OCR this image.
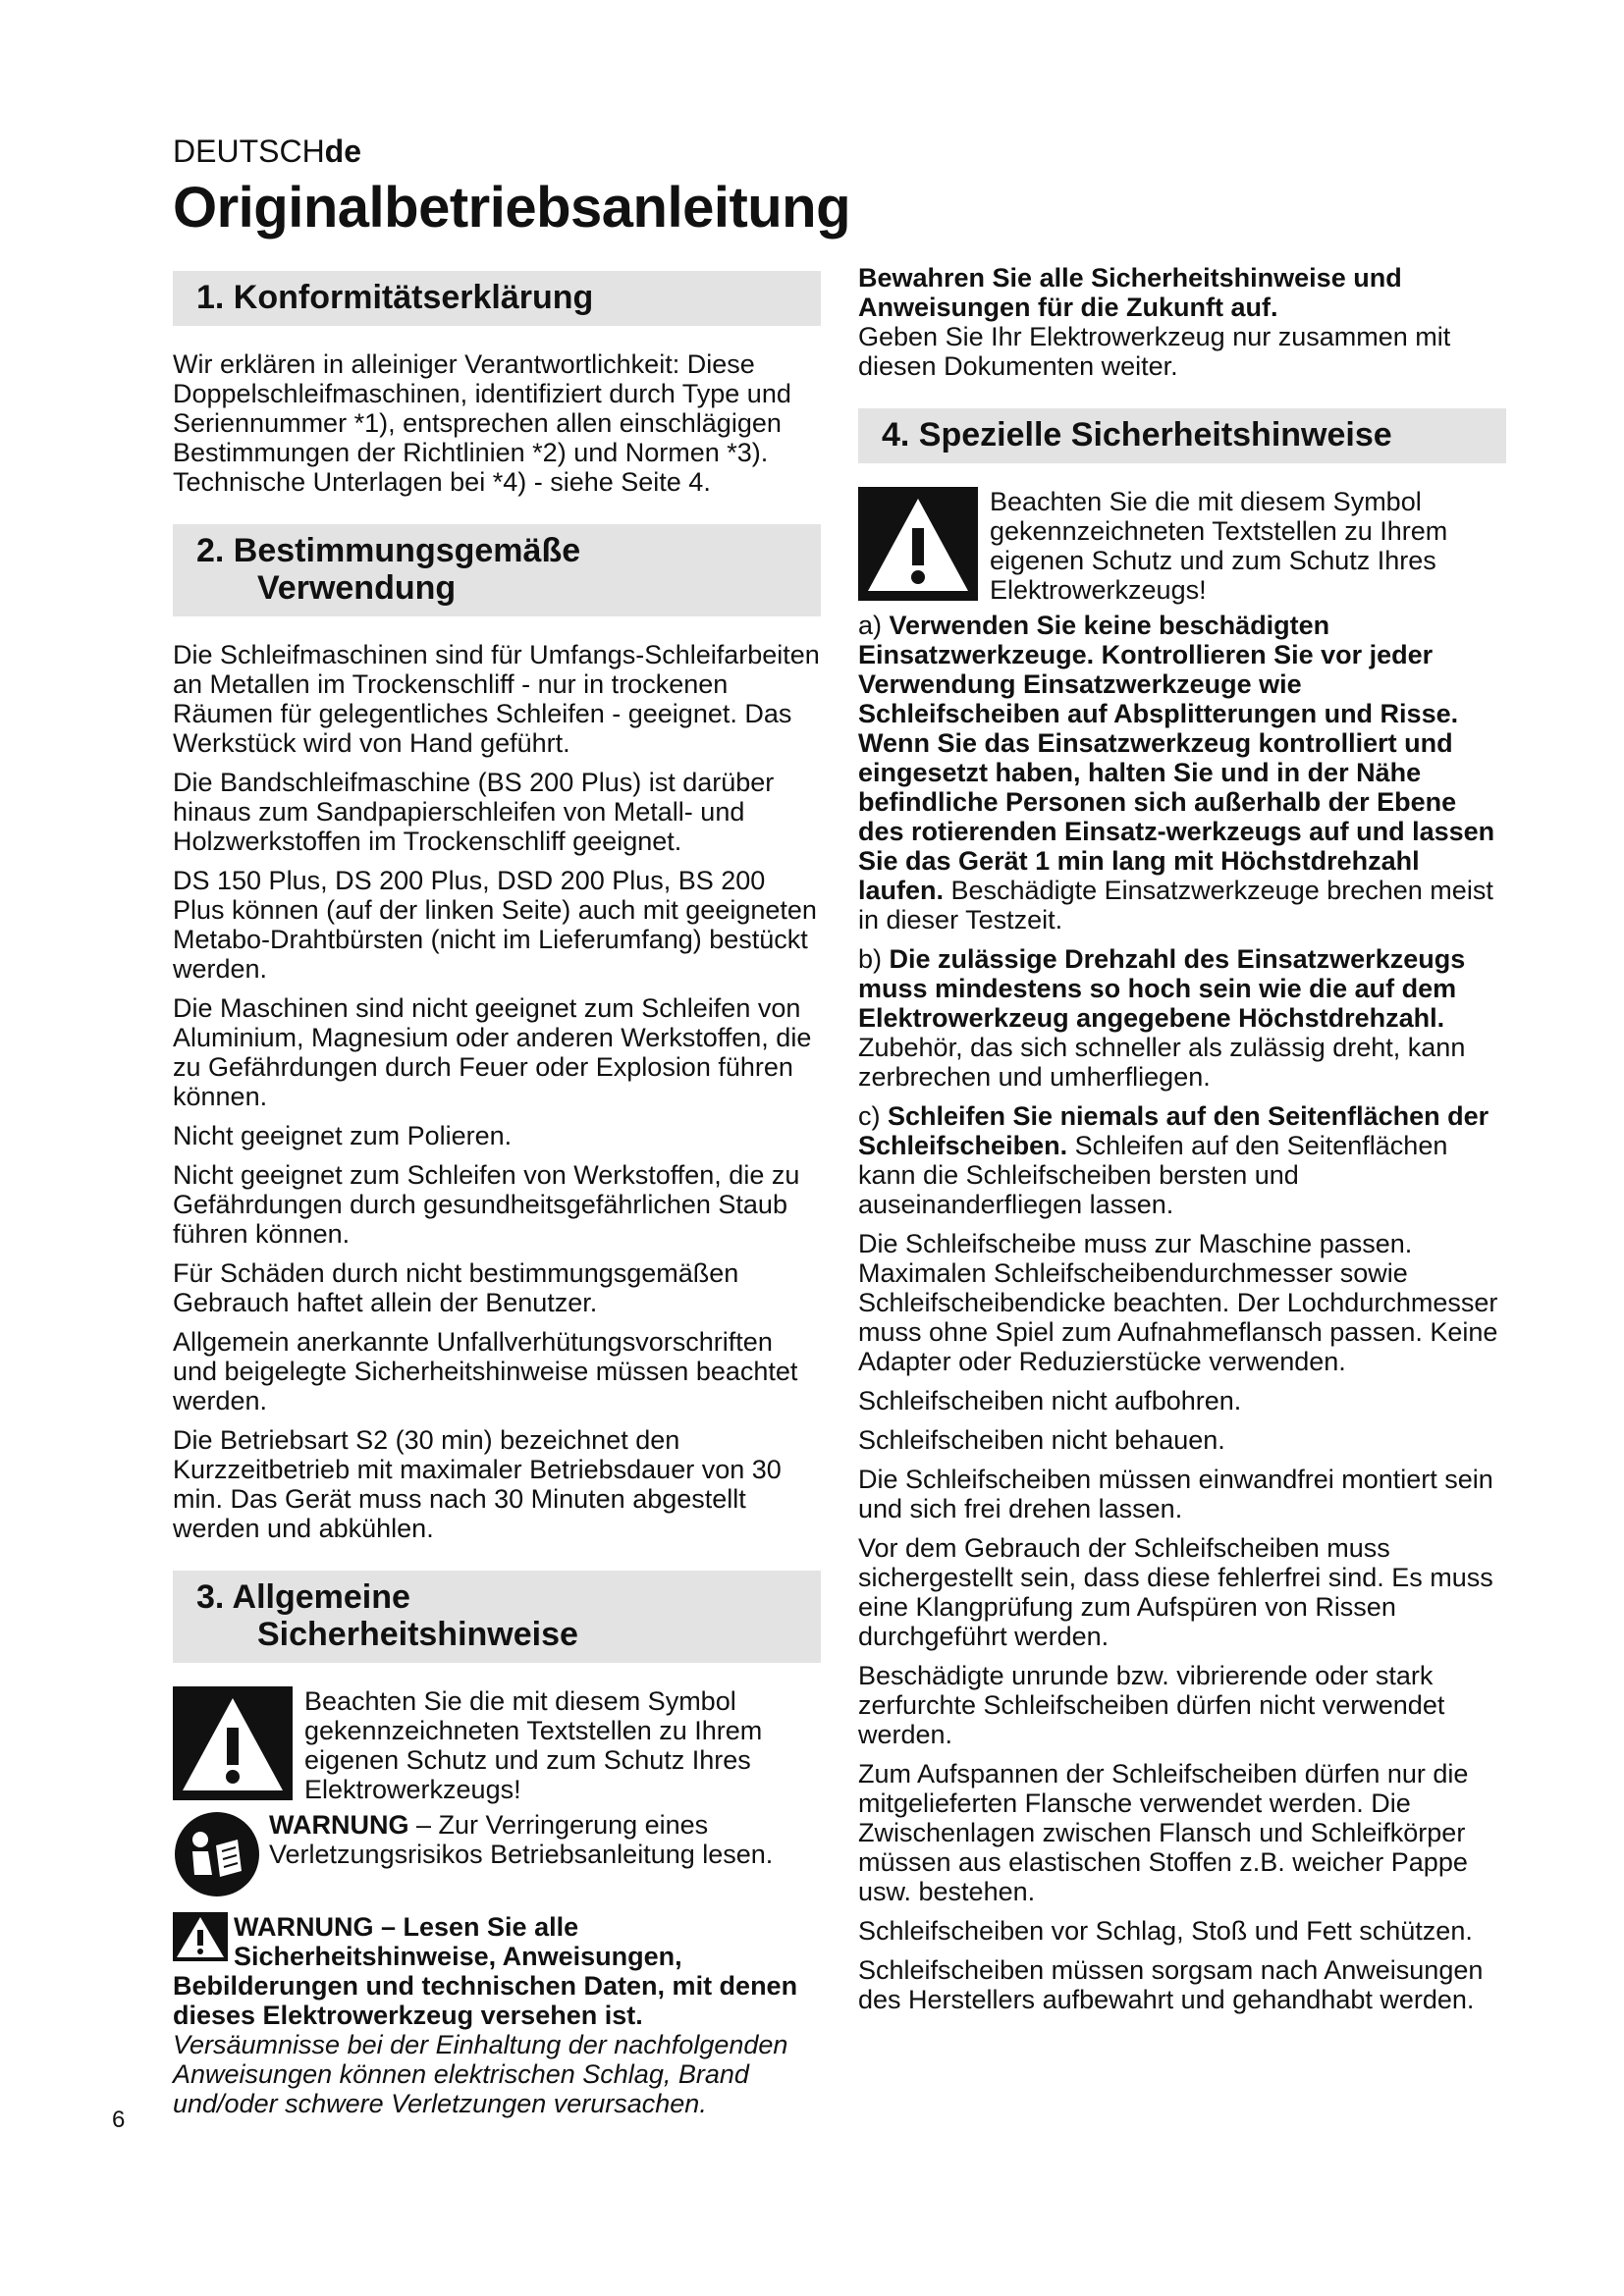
DEUTSCHde
Originalbetriebsanleitung
1. Konformitätserklärung

Wir erklären in alleiniger Verantwortlichkeit: Diese Doppelschleifmaschinen, identifiziert durch Type und Seriennummer *1), entsprechen allen einschlägigen Bestimmungen der Richtlinien *2) und Normen *3). Technische Unterlagen bei *4) - siehe Seite 4.

2. Bestimmungsgemäße
Verwendung

Die Schleifmaschinen sind für Umfangs-Schleifarbeiten an Metallen im Trockenschliff - nur in trockenen Räumen für gelegentliches Schleifen - geeignet. Das Werkstück wird von Hand geführt.

Die Bandschleifmaschine (BS 200 Plus) ist darüber hinaus zum Sandpapierschleifen von Metall- und Holzwerkstoffen im Trockenschliff geeignet.

DS 150 Plus, DS 200 Plus, DSD 200 Plus, BS 200 Plus können (auf der linken Seite) auch mit geeigneten Metabo-Drahtbürsten (nicht im Lieferumfang) bestückt werden.

Die Maschinen sind nicht geeignet zum Schleifen von Aluminium, Magnesium oder anderen Werkstoffen, die zu Gefährdungen durch Feuer oder Explosion führen können.

Nicht geeignet zum Polieren.

Nicht geeignet zum Schleifen von Werkstoffen, die zu Gefährdungen durch gesundheitsgefährlichen Staub führen können.

Für Schäden durch nicht bestimmungsgemäßen Gebrauch haftet allein der Benutzer.

Allgemein anerkannte Unfallverhütungsvorschriften und beigelegte Sicherheitshinweise müssen beachtet werden.

Die Betriebsart S2 (30 min) bezeichnet den Kurzzeitbetrieb mit maximaler Betriebsdauer von 30 min. Das Gerät muss nach 30 Minuten abgestellt werden und abkühlen.

3. Allgemeine
Sicherheitshinweise
Beachten Sie die mit diesem Symbol gekennzeichneten Textstellen zu Ihrem eigenen Schutz und zum Schutz Ihres Elektrowerkzeugs!
WARNUNG – Zur Verringerung eines Verletzungsrisikos Betriebsanleitung lesen.

WARNUNG – Lesen Sie alle Sicherheitshinweise, Anweisungen, Bebilderungen und technischen Daten, mit denen dieses Elektrowerkzeug versehen ist.
Versäumnisse bei der Einhaltung der nachfolgenden Anweisungen können elektrischen Schlag, Brand und/oder schwere Verletzungen verursachen.

Bewahren Sie alle Sicherheitshinweise und Anweisungen für die Zukunft auf.

Geben Sie Ihr Elektrowerkzeug nur zusammen mit diesen Dokumenten weiter.

4. Spezielle Sicherheitshinweise
Beachten Sie die mit diesem Symbol gekennzeichneten Textstellen zu Ihrem eigenen Schutz und zum Schutz Ihres Elektrowerkzeugs!

a) Verwenden Sie keine beschädigten Einsatzwerkzeuge. Kontrollieren Sie vor jeder Verwendung Einsatzwerkzeuge wie Schleifscheiben auf Absplitterungen und Risse. Wenn Sie das Einsatzwerkzeug kontrolliert und eingesetzt haben, halten Sie und in der Nähe befindliche Personen sich außerhalb der Ebene des rotierenden Einsatz-werkzeugs auf und lassen Sie das Gerät 1 min lang mit Höchstdrehzahl laufen. Beschädigte Einsatzwerkzeuge brechen meist in dieser Testzeit.

b) Die zulässige Drehzahl des Einsatzwerkzeugs muss mindestens so hoch sein wie die auf dem Elektrowerkzeug angegebene Höchstdrehzahl. Zubehör, das sich schneller als zulässig dreht, kann zerbrechen und umherfliegen.

c) Schleifen Sie niemals auf den Seitenflächen der Schleifscheiben. Schleifen auf den Seitenflächen kann die Schleifscheiben bersten und auseinanderfliegen lassen.

Die Schleifscheibe muss zur Maschine passen. Maximalen Schleifscheibendurchmesser sowie Schleifscheibendicke beachten. Der Lochdurchmesser muss ohne Spiel zum Aufnahmeflansch passen. Keine Adapter oder Reduzierstücke verwenden.

Schleifscheiben nicht aufbohren.

Schleifscheiben nicht behauen.

Die Schleifscheiben müssen einwandfrei montiert sein und sich frei drehen lassen.

Vor dem Gebrauch der Schleifscheiben muss sichergestellt sein, dass diese fehlerfrei sind. Es muss eine Klangprüfung zum Aufspüren von Rissen durchgeführt werden.

Beschädigte unrunde bzw. vibrierende oder stark zerfurchte Schleifscheiben dürfen nicht verwendet werden.

Zum Aufspannen der Schleifscheiben dürfen nur die mitgelieferten Flansche verwendet werden. Die Zwischenlagen zwischen Flansch und Schleifkörper müssen aus elastischen Stoffen z.B. weicher Pappe usw. bestehen.

Schleifscheiben vor Schlag, Stoß und Fett schützen.

Schleifscheiben müssen sorgsam nach Anweisungen des Herstellers aufbewahrt und gehandhabt werden.

6
